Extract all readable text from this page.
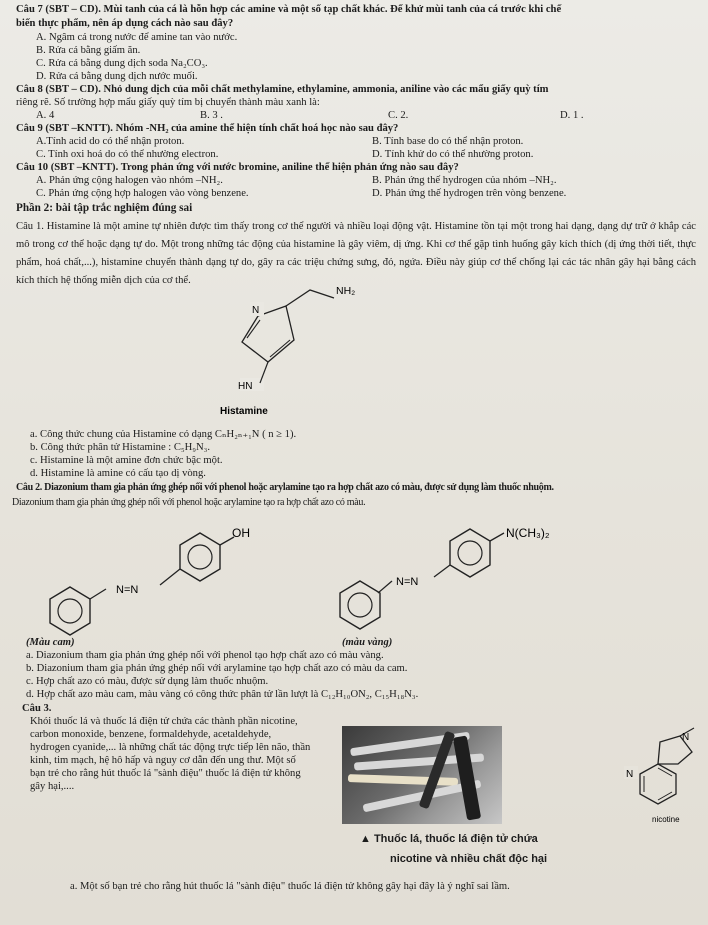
Câu 7 (SBT – CD). Mùi tanh của cá là hỗn hợp các amine và một số tạp chất khác. Để khử mùi tanh của cá trước khi chế
biến thực phẩm, nên áp dụng cách nào sau đây?
A. Ngâm cá trong nước để amine tan vào nước.
B. Rửa cá bằng giấm ăn.
C. Rửa cá bằng dung dịch soda Na₂CO₃.
D. Rửa cá bằng dung dịch nước muối.
Câu 8 (SBT – CD). Nhỏ dung dịch của mỗi chất methylamine, ethylamine, ammonia, aniline vào các mẩu giấy quỳ tím
riêng rẽ. Số trường hợp mẩu giấy quỳ tím bị chuyển thành màu xanh là:
A. 4	B. 3 .	C. 2.	D. 1 .
Câu 9 (SBT –KNTT). Nhóm -NH₂ của amine thể hiện tính chất hoá học nào sau đây?
A.Tính acid do có thể nhận proton.	B. Tính base do có thể nhận proton.
C. Tính oxi hoá do có thể nhường electron.	D. Tính khử do có thể nhường proton.
Câu 10 (SBT –KNTT). Trong phản ứng với nước bromine, aniline thể hiện phản ứng nào sau đây?
A. Phản ứng cộng halogen vào nhóm –NH₂.	B. Phản ứng thế hydrogen của nhóm –NH₂.
C. Phản ứng cộng hợp halogen vào vòng benzene.	D. Phản ứng thế hydrogen trên vòng benzene.
Phần 2: bài tập trắc nghiệm đúng sai
Câu 1. Histamine là một amine tự nhiên được tìm thấy trong cơ thể người và nhiều loại động vật. Histamine tồn tại một trong hai dạng, dạng dự trữ ở khắp các mô trong cơ thể hoặc dạng tự do. Một trong những tác động của histamine là gây viêm, dị ứng. Khi cơ thể gặp tình huống gây kích thích (dị ứng thời tiết, thực phẩm, hoá chất,...), histamine chuyển thành dạng tự do, gây ra các triệu chứng sưng, đỏ, ngứa. Điều này giúp cơ thể chống lại các tác nhân gây hại bằng cách kích thích hệ thống miễn dịch của cơ thể.
N
HN
NH₂
Histamine
a. Công thức chung của Histamine có dạng CₙH₂ₙ₊₁N ( n ≥ 1).
b. Công thức phân tử Histamine : C₅H₉N₃.
c. Histamine là một amine đơn chức bậc một.
d. Histamine là amine có cấu tạo dị vòng.
Câu 2. Diazonium tham gia phản ứng ghép nối với phenol hoặc arylamine tạo ra hợp chất azo có màu, được sử dụng làm thuốc nhuộm.
Diazonium tham gia phản ứng ghép nối với phenol hoặc arylamine tạo ra hợp chất azo có màu.
OH
N=N
N(CH₃)₂
N=N
(Màu cam)	(màu vàng)
a. Diazonium tham gia phản ứng ghép nối với phenol tạo hợp chất azo có màu vàng.
b. Diazonium tham gia phản ứng ghép nối với arylamine tạo hợp chất azo có màu da cam.
c. Hợp chất azo có màu, được sử dụng làm thuốc nhuộm.
d. Hợp chất azo màu cam, màu vàng có công thức phân tử lần lượt là C₁₂H₁₀ON₂, C₁₅H₁₈N₃.
Câu 3.
Khói thuốc lá và thuốc lá điện tử chứa các thành phần nicotine,
carbon monoxide, benzene, formaldehyde, acetaldehyde,
hydrogen cyanide,... là những chất tác động trực tiếp lên não, thần
kinh, tim mạch, hệ hô hấp và nguy cơ dẫn đến ung thư. Một số
bạn trẻ cho rằng hút thuốc lá "sành điệu" thuốc lá điện tử không
gây hại,....
N
N
nicotine
▲ Thuốc lá, thuốc lá điện tử chứa
nicotine và nhiều chất độc hại
a. Một số bạn trẻ cho rằng hút thuốc lá "sành điệu" thuốc lá điện tử không gây hại đây là ý nghĩ sai lầm.
